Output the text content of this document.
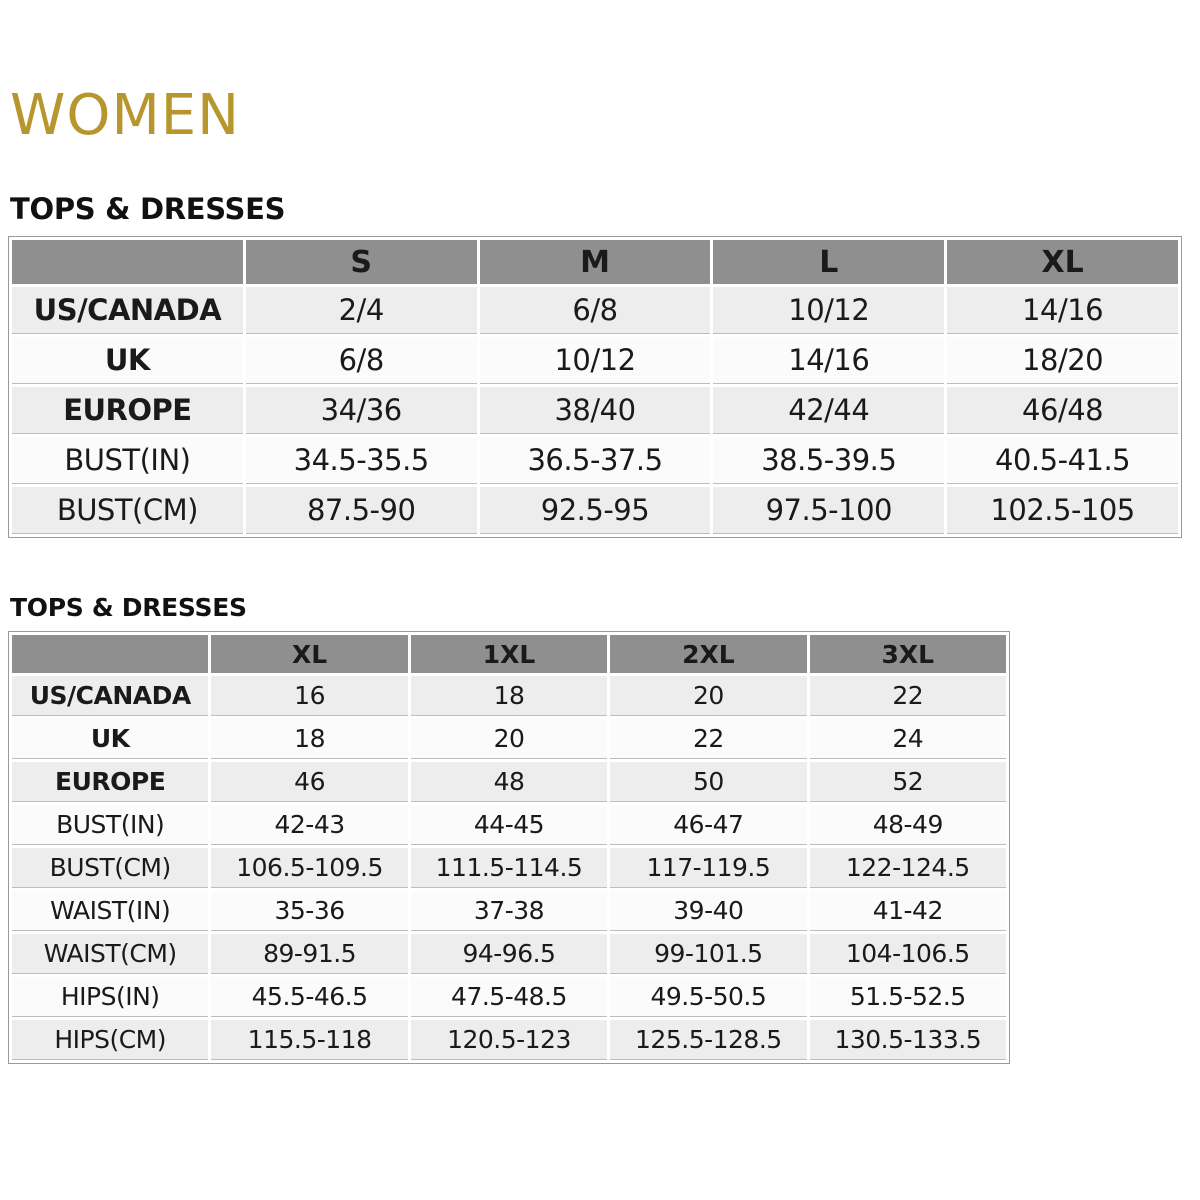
WOMEN
TOPS & DRESSES
	S	M	L	XL
US/CANADA	2/4	6/8	10/12	14/16
UK	6/8	10/12	14/16	18/20
EUROPE	34/36	38/40	42/44	46/48
BUST(IN)	34.5-35.5	36.5-37.5	38.5-39.5	40.5-41.5
BUST(CM)	87.5-90	92.5-95	97.5-100	102.5-105
TOPS & DRESSES
	XL	1XL	2XL	3XL
US/CANADA	16	18	20	22
UK	18	20	22	24
EUROPE	46	48	50	52
BUST(IN)	42-43	44-45	46-47	48-49
BUST(CM)	106.5-109.5	111.5-114.5	117-119.5	122-124.5
WAIST(IN)	35-36	37-38	39-40	41-42
WAIST(CM)	89-91.5	94-96.5	99-101.5	104-106.5
HIPS(IN)	45.5-46.5	47.5-48.5	49.5-50.5	51.5-52.5
HIPS(CM)	115.5-118	120.5-123	125.5-128.5	130.5-133.5
